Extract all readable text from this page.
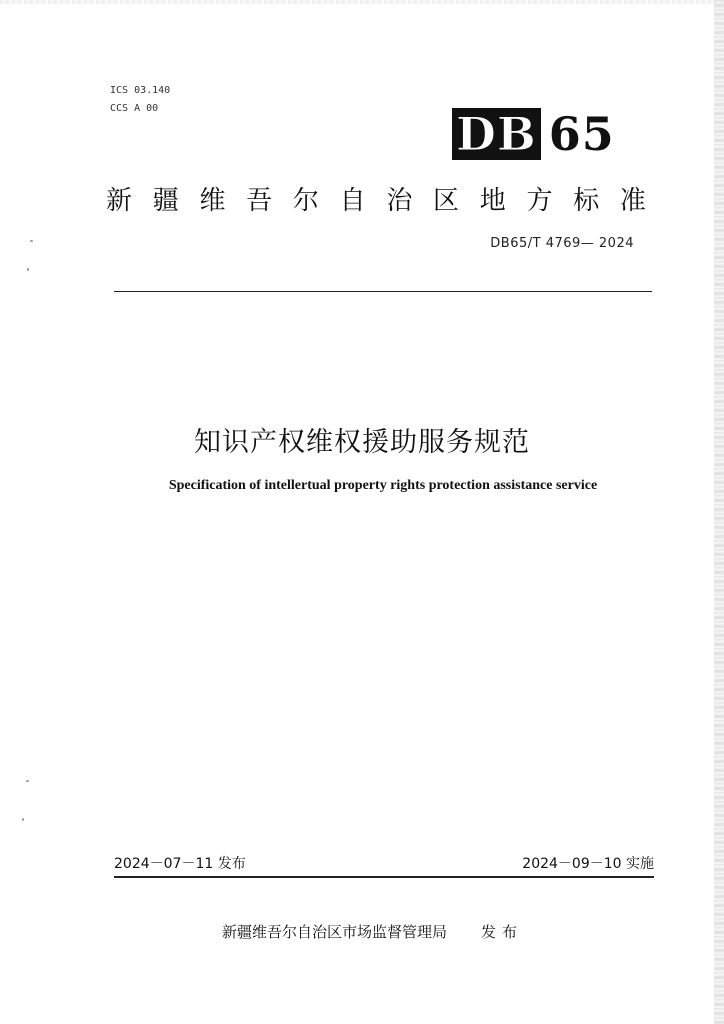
ICS 03.140
CCS A 00	DB 65
新 疆 维 吾 尔 自 治 区 地 方 标 准
DB65/T 4769— 2024
知识产权维权援助服务规范
Specification of intellertual property rights protection assistance service
2024－07－11 发布	2024－09－10 实施
新疆维吾尔自治区市场监督管理局 发布
